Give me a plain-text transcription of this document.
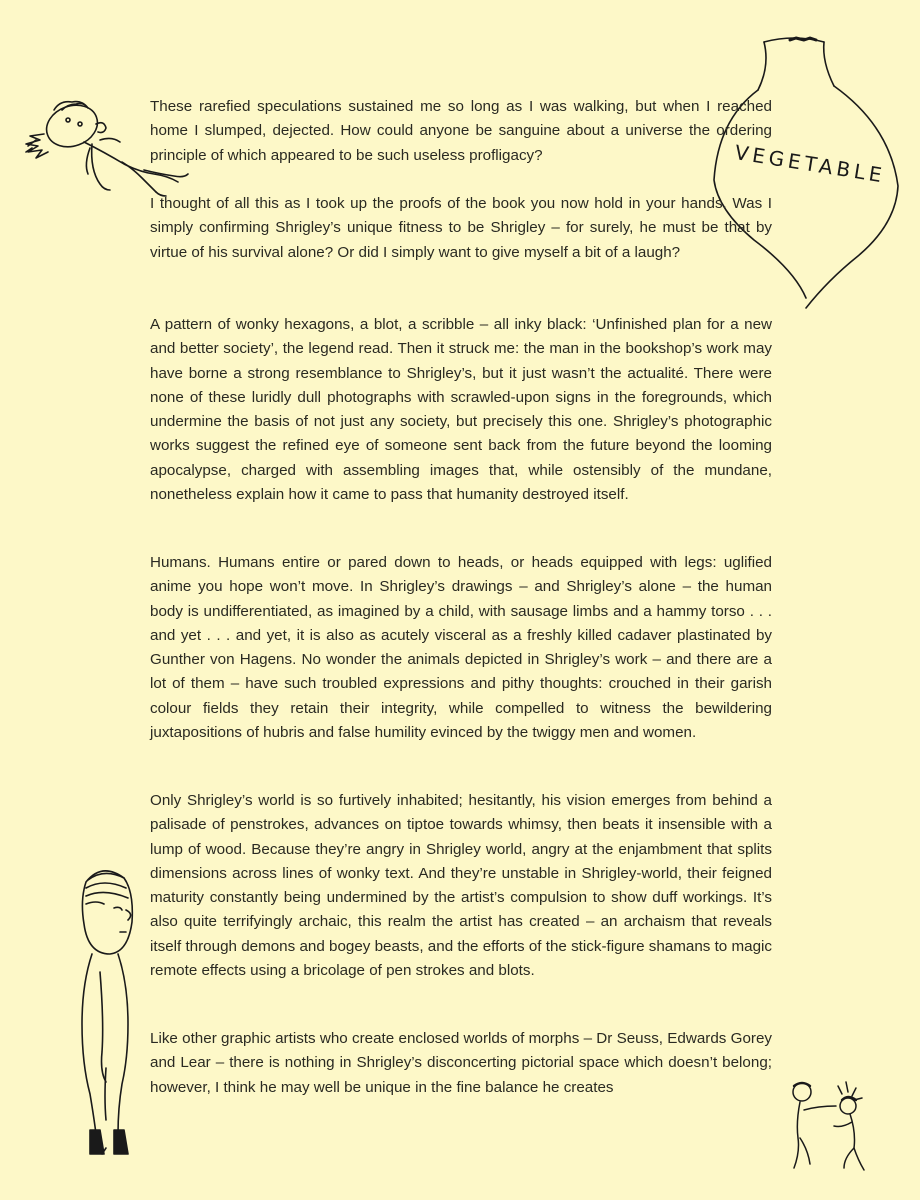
VEGETABLE

These rarefied speculations sustained me so long as I was walking, but when I reached home I slumped, dejected. How could anyone be sanguine about a universe the ordering principle of which appeared to be such useless profligacy?

I thought of all this as I took up the proofs of the book you now hold in your hands. Was I simply confirming Shrigley’s unique fitness to be Shrigley – for surely, he must be that by virtue of his survival alone? Or did I simply want to give myself a bit of a laugh?

A pattern of wonky hexagons, a blot, a scribble – all inky black: ‘Unfinished plan for a new and better society’, the legend read. Then it struck me: the man in the bookshop’s work may have borne a strong resemblance to Shrigley’s, but it just wasn’t the actualité. There were none of these luridly dull photographs with scrawled-upon signs in the foregrounds, which undermine the basis of not just any society, but precisely this one. Shrigley’s photographic works suggest the refined eye of someone sent back from the future beyond the looming apocalypse, charged with assembling images that, while ostensibly of the mundane, nonetheless explain how it came to pass that humanity destroyed itself.

Humans. Humans entire or pared down to heads, or heads equipped with legs: uglified anime you hope won’t move. In Shrigley’s drawings – and Shrigley’s alone – the human body is undifferentiated, as imagined by a child, with sausage limbs and a hammy torso . . . and yet . . . and yet, it is also as acutely visceral as a freshly killed cadaver plastinated by Gunther von Hagens. No wonder the animals depicted in Shrigley’s work – and there are a lot of them – have such troubled expressions and pithy thoughts: crouched in their garish colour fields they retain their integrity, while compelled to witness the bewildering juxtapositions of hubris and false humility evinced by the twiggy men and women.

Only Shrigley’s world is so furtively inhabited; hesitantly, his vision emerges from behind a palisade of penstrokes, advances on tiptoe towards whimsy, then beats it insensible with a lump of wood. Because they’re angry in Shrigley world, angry at the enjambment that splits dimensions across lines of wonky text. And they’re unstable in Shrigley-world, their feigned maturity constantly being undermined by the artist’s compulsion to show duff workings. It’s also quite terrifyingly archaic, this realm the artist has created – an archaism that reveals itself through demons and bogey beasts, and the efforts of the stick-figure shamans to magic remote effects using a bricolage of pen strokes and blots.

Like other graphic artists who create enclosed worlds of morphs – Dr Seuss, Edwards Gorey and Lear – there is nothing in Shrigley’s disconcerting pictorial space which doesn’t belong; however, I think he may well be unique in the fine balance he creates
